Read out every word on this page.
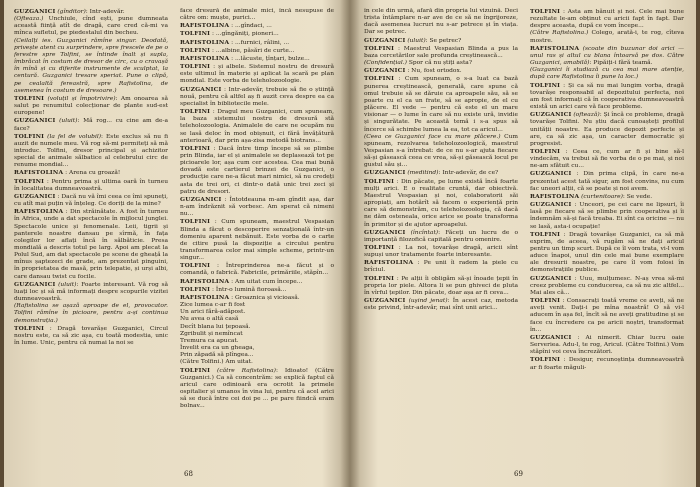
GUZGANICI (gînditor): Intr-adevăr.

(Ofteaza.) Unchiule, cînd ești, pune dumneata această ființă atît de dragă, care cred că-mi va mînca sufletul, pe piedestalul din becheu.

(Ceilalți ies. Guzganici rămîne singur. Deodată, privește atent cu surprindere, spre frescele de pe o ferestre spre Tolfini, se întinde înalt și supla, îmbrăcat în costum de dresor de circ, cu o cravașă în mînă și cu diferite instrumente de sculptat, la centură. Guzganici tresare speriat. Pune o clipă, pe cealaltă fereastră, spre Rafistolina, de asemenea în costum de dresoare.)

TOLFINI (voluțil și împotrivire): Am onoarea să salut pe renumitul colecționar de plante sud-est europene!

GUZGANICI (uluit): Mă rog... cu cine am de-a face?

TOLFINI (la fel de volubil): Este exclus să nu fi auzit de numele meu. Vă rog să-mi permiteți să mă introduc. Tolfini, dresor principal și achizitor special de animale sălbatice al celebrului circ de renume mondial...

RAFISTOLINA : Arena cu groază!

TOLFINI : Pentru prima și ultima oară în turneu în localitatea dumneavoastră.

GUZGANICI : Dacă nu vă îmi ceea ce îmi spuneți, cu atît mai puțin vă înțeleg. Ce doriți de la mine?

RAFISTOLINA : Din străinătate. A fost în turneu în Africa, unde a dat spectacole în mijlocul junglei. Spectacole unice și fenomenale. Leii, tigrii și panterele noastre dansau pe sîrmă, în fața colegilor lor aflați încă în sălbăticie. Presa mondială a descris totul pe larg. Apoi am plecat la Polul Sud, am dat spectacole pe scene de gheață la mînus șaptezeci de grade, am prezentat pinguini, în proprietatea de masă, prin telepatie, și urși albi, care dansau twist cu focile.

GUZGANICI (uluit): Foarte interesant. Vă rog să luați loc și să mă informați despre scopurile vizitei dumneavoastră.

(Rafistolina se așază aproape de el, provocator. Tolfini rămîne în picioare, pentru a-și continua demonstrația.)

TOLFINI : Dragă tovarășe Guzganici, Circul nostru este, ca să zic așa, cu toată modestia, unic în lume. Unic, pentru că numai la noi se

face dresură de animale mici, încă nesupuse de către om: muște, purici...

RAFISTOLINA : ...gîndaci, ...

TOLFINI : ...gîngăniți, pioneri...

RAFISTOLINA : ...furnici, râlini, ...

TOLFINI : ...albine, păsări de curte...

RAFISTOLINA : ...lăcuste, țînțari, bulze...

TOLFINI : și albele. Sistemul nostru de dresură este ultimul în materie și aplicat la scară pe plan mondial. Este vorba de teleholozoologie.

GUZGANICI : Intr-adevăr, trebuie să fie o știință nouă, pentru că altfel aș fi auzit ceva despre ea ca specialist în bibliotecile mele.

TOLFINI : Dragul meu Guzganici, cum spuneam, la baza sistemului nostru de dresură stă teleholozoologia. Animalele de care ne ocupăm nu se lasă deloc în mod obișnuit, ci fără învățătură anterioară, dar prin așa-zisa metodă biotrans...

TOLFINI : Dacă între timp începe să se plimbe prin Blinda, iar el și animalele se deplasează tot pe picioarele lor, așa cum cer acestea. Cea mai bună dovadă este cartierul brinzei de Guzganici, o producție care ne-a făcut mari nimici, să nu credeți asta de trei ori, ci dintr-o dată unic trei zeci și patru de dresori.

GUZGANICI : Întotdeauna m-am gîndit așa, dar n-am îndrăznit să vorbesc. Am sperat că nimeni nu...

TOLFINI : Cum spuneam, maestrul Vespasian Blinda a făcut o descoperire senzațională într-un domeniu aparent nebănuit. Este vorba de o carte de citire pusă la dispoziție a circului pentru transformarea celor mai simple scheme, printr-un singur...

TOLFINI : Întreprinderea ne-a făcut și o comandă, o fabrică. Fabricile, primăriile, stăpîn...

RAFISTOLINA : Am uitat cum începe...

TOLFINI : Într-o lumină fioroasă...

RAFISTOLINA : Groaznica și vicioasă.

Zice lumea c-ar fi fost
Un arici fără-adăpost.
Nu avea o altă casă
Decît blana lui țepoasă.
Zgribulit și nemîncat
Tremura ca apucat.
Învelit era ca un gheaga,
Prin zăpadă să plîngea...
(Către Tolfini.) Am uitat.

TOLFINI (către Rafistolina): Idioato! (Către Guzganici.) Ca să concentrăm: se explică faptul că aricul care odinioară era ocrotit la primele ospitalier și umanos în vina lui, pentru că acel arici să se ducă între cei doi pe ... pe pare fiindcă eram bolnav...

68

în cele din urmă, afară din propria lui vizuină. Deci trista întâmplare n-ar ave de ce să ne îngrijoreze, dacă asemenea lucruri nu s-ar petrece și în viața. Dar se petrec.

GUZGANICI (uluit): Se petrec?

TOLFINI : Maestrul Vespasian Blinda a pus la baza cercetărilor sale profunda creștinească...

(Confidențial.) Spor că nu știți asta?

GUZGANICI : Nu, fost ortodox.

TOLFINI : Cum spuneam, o s-a luat ca bază punerea creștinească, generală, care spune că omul trebuie să se dăruie ca aproapele său, să se poarte cu el ca un frate, să se apropie, de el cu plăcere. El vede — pentru că este el un mare visionar — o lume în care să nu existe ură, invidie și singurătate. Pe această temă i s-a spus să încerce să schimbe lumea la ea, tot ca aricul...

(Ceea ce Guzganici face cu mare plăcere.) Cum spuneam, rezolvarea teleholozoologică, maestrul Vespasian s-a întrebat: de ce nu s-ar ajuta fiecare să-și găsească ceea ce vrea, să-și găsească locul pe gustul său și...

GUZGANICI (meditind): Intr-adevăr, de ce?

TOLFINI : Din păcate, pe lume există încă foarte mulți arici. E o realitate cruntă, dar obiectivă. Maestrul Vespasian și noi, colaboratorii săi apropiați, am hotărît să facem o experiență prin care să demonstrăm, cu teleholozoologia, că dacă ne dăm osteneala, orice arice se poate transforma în primitor și de ajutor aproapelui.

GUZGANICI (încîntat): Făceți un lucru de o importanță filozofică capitală pentru omenire.

TOLFINI : La noi, tovarășe dragă, aricii sînt supuși unor tratamente foarte interesante.

RAFISTOLINA : Pe unii îi radem la piele cu brîciul.

TOLFINI : Pe alții îi obligăm să-și înoade țepii în propria lor piele. Altora li se pun ghiveci de pluta în vîrful țepilor. Din păcate, doar așa ar fi ceva...

GUZGANICI (uşind jenat): În acest caz, metoda este privind, într-adevăr, mai sînt unii arici...

TOLFINI : Asta am bănuit și noi. Cele mai bune rezultate le-am obținut cu aricii fapt în fapt. Dar despre aceasta, după ce vom începe...

(Către Rafistolina.) Colego, arată-i, te rog, cîteva mostre.

RAFISTOLINA (scoate din buzunar doi arici — unul ras și altul cu blana întoarsă pe dos. Către Guzganici, amabilă): Pipăiți-i fără teamă.

(Guzganici îi studiază cu cea mai mare atenție, după care Rafistolina îi pune la loc.)

TOLFINI : Și ca să nu mai lungim vorba, dragă tovarășe responsabil al depozitului perfecta, noi am fost informați că în cooperativa dumneavoastră există un arici care vă face probleme.

GUZGANICI (oftează): Și încă ce probleme, dragă tovarășe Tolfini. Nu știu dacă cunoașteți profilul unității noastre. Ea produce depozit perfecte și are, ca să zic așa, un caracter democratic și progresist.

TOLFINI : Ceea ce, cum ar fi și bine să-l vindecăm, va trebui să fie vorba de o pe mai, și noi ne-am sfătuit cu...

GUZGANICI : Din prima clipă, în care ne-a prezentat acest tată sigur, am fost convins, nu cum fac uneori alții, că se poate și noi avem.

RAFISTOLINA (curtenitoare): Se vede.

GUZGANICI : Unceori, pe cei care ne lipsuri, îi lasă pe fiecare să se plimbe prin cooperativa și îi îndemnăm să-și facă treaba. Ei sînt ca oricine — nu se lasă, asta-i ocupație!

TOLFINI : Dragă tovarășe Guzganici, ca să mă exprim, de aceea, vă rugăm să ne dați aricul pentru un timp scurt. După ce îl vom trata, vi-l vom aduce înapoi, unul din cele mai bune exemplare ale dresurii noastre, pe care îl vom folosi în demonstrațiile publice.

GUZGANICI : Uuu, mulțumesc. N-aș vrea să-mi creez probleme cu conducerea, ca să nu zic altfel... Mai ales că...

TOLFINI : Consacrați toată vreme ce aveți, să ne aveți venit. Dați-i pe mîna noastră! O să vi-l aducem în așa fel, încît să ne aveți gratitudine și se face cu încredere ca pe aricii noștri, transformat în...

GUZGANICI : Ai nimerit. Chiar lucru oaie Serveriea. Adu-l, te rog, Aricul. (Către Tolfini.) Vom stăpîni voi ceva încrezători.

TOLFINI : Desigur, recunoștința dumneavoastră ar fi foarte măguli-

69
